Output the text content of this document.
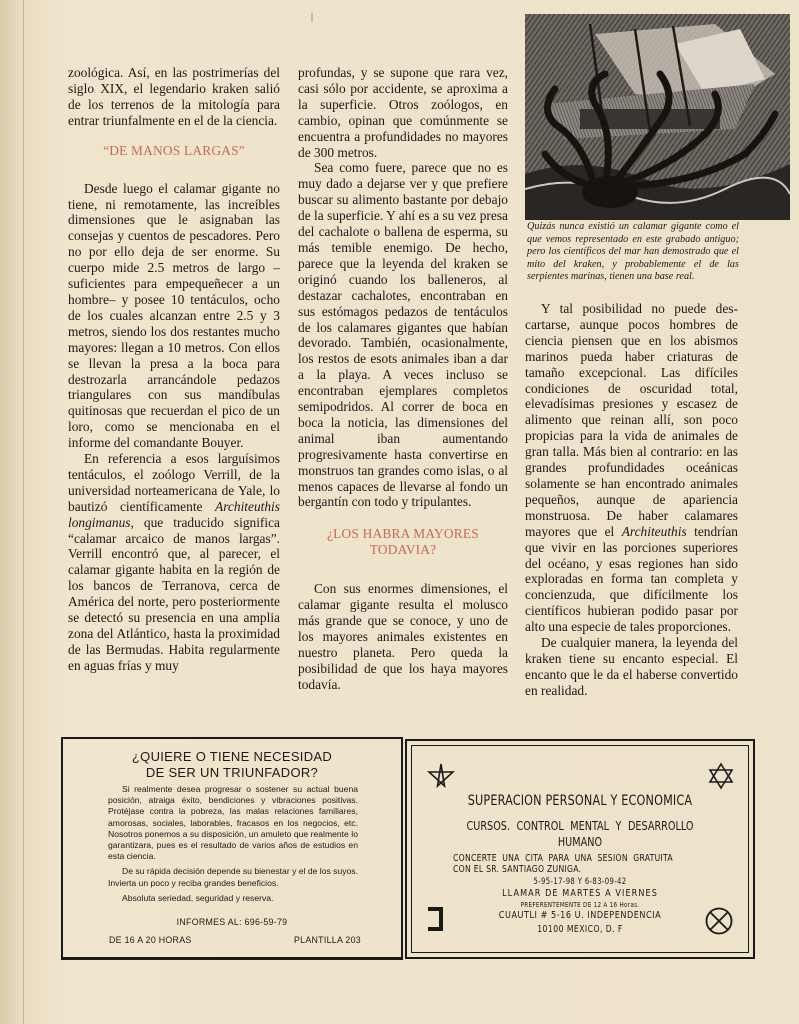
|

zoológica. Así, en las postrimerías del siglo XIX, el legendario kraken salió de los terrenos de la mitología para entrar triunfalmente en el de la ciencia.

“DE MANOS LARGAS”

Desde luego el calamar gigante no tiene, ni remotamente, las increíbles dimensiones que le asignaban las consejas y cuentos de pescadores. Pero no por ello deja de ser enorme. Su cuerpo mide 2.5 metros de largo –suficientes para empequeñecer a un hombre– y posee 10 tentáculos, ocho de los cuales alcanzan entre 2.5 y 3 metros, siendo los dos restantes mucho mayores: llegan a 10 metros. Con ellos se llevan la presa a la boca para destrozarla arrancándole pedazos triangulares con sus mandíbulas quitinosas que recuerdan el pico de un loro, como se mencionaba en el informe del comandante Bouyer.

En referencia a esos larguísimos tentáculos, el zoólogo Verrill, de la universidad norteamericana de Yale, lo bautizó científicamente Architeuthis longimanus, que traducido significa “calamar arcaico de manos largas”. Verrill encontró que, al parecer, el calamar gigante habita en la región de los bancos de Terranova, cerca de América del norte, pero posteriormente se detectó su presencia en una amplia zona del Atlántico, hasta la proximidad de las Bermudas. Habita regularmente en aguas frías y muy

profundas, y se supone que rara vez, casi sólo por accidente, se aproxima a la superficie. Otros zoólogos, en cambio, opinan que comúnmente se encuentra a profundidades no mayores de 300 metros.

Sea como fuere, parece que no es muy dado a dejarse ver y que prefiere buscar su alimento bastante por debajo de la superficie. Y ahí es a su vez presa del cachalote o ballena de esperma, su más temible enemigo. De hecho, parece que la leyenda del kraken se originó cuando los balleneros, al destazar cachalotes, encontraban en sus estómagos pedazos de tentáculos de los calamares gigantes que habían devorado. También, ocasionalmente, los restos de esots animales iban a dar a la playa. A veces incluso se encontraban ejemplares completos semipodridos. Al correr de boca en boca la noticia, las dimensiones del animal iban aumentando progresivamente hasta convertirse en monstruos tan grandes como islas, o al menos capaces de llevarse al fondo un bergantín con todo y tripulantes.

¿LOS HABRA MAYORES
TODAVIA?

Con sus enormes dimensiones, el calamar gigante resulta el molusco más grande que se conoce, y uno de los mayores animales existentes en nuestro planeta. Pero queda la posibilidad de que los haya mayores todavía.

Quizás nunca existió un calamar gigante como el que vemos representado en este grabado antiguo; pero los científicos del mar han demostrado que el mito del kraken, y probablemente el de las serpientes marinas, tienen una base real.

Y tal posibilidad no puede descartarse, aunque pocos hombres de ciencia piensen que en los abismos marinos pueda haber criaturas de tamaño excepcional. Las difíciles condiciones de oscuridad total, elevadísimas presiones y escasez de alimento que reinan allí, son poco propicias para la vida de animales de gran talla. Más bien al contrario: en las grandes profundidades oceánicas solamente se han encontrado animales pequeños, aunque de apariencia monstruosa. De haber calamares mayores que el Architeuthis tendrían que vivir en las porciones superiores del océano, y esas regiones han sido exploradas en forma tan completa y concienzuda, que difícilmente los científicos hubieran podido pasar por alto una especie de tales proporciones.

De cualquier manera, la leyenda del kraken tiene su encanto especial. El encanto que le da el haberse convertido en realidad.

¿QUIERE O TIENE NECESIDAD
DE SER UN TRIUNFADOR?

Si realmente desea progresar o sostener su actual buena posición, atraiga éxito, bendiciones y vibraciones positivas. Protéjase contra la pobreza, las malas relaciones familiares, amorosas, sociales, laborables, fracasos en los negocios, etc. Nosotros ponemos a su disposición, un amuleto que realmente lo garantizara, pues es el resultado de varios años de estudios en esta ciencia.

De su rápida decisión depende su bienestar y el de los suyos. Invierta un poco y reciba grandes beneficios.

Absoluta seriedad, seguridad y reserva.

INFORMES AL: 696-59-79
DE 16 A 20 HORAS	PLANTILLA 203
SUPERACION PERSONAL Y ECONOMICA
CURSOS. CONTROL MENTAL Y DESARROLLO
HUMANO
CONCERTE UNA CITA PARA UNA SESION GRATUITA
CON EL SR. SANTIAGO ZUÑIGA.
5-95-17-98 Y 6-83-09-42
LLAMAR DE MARTES A VIERNES
PREFERENTEMENTE DE 12 A 16 Horas.
CUAUTLI # 5-16 U. INDEPENDENCIA
10100 MEXICO, D. F
